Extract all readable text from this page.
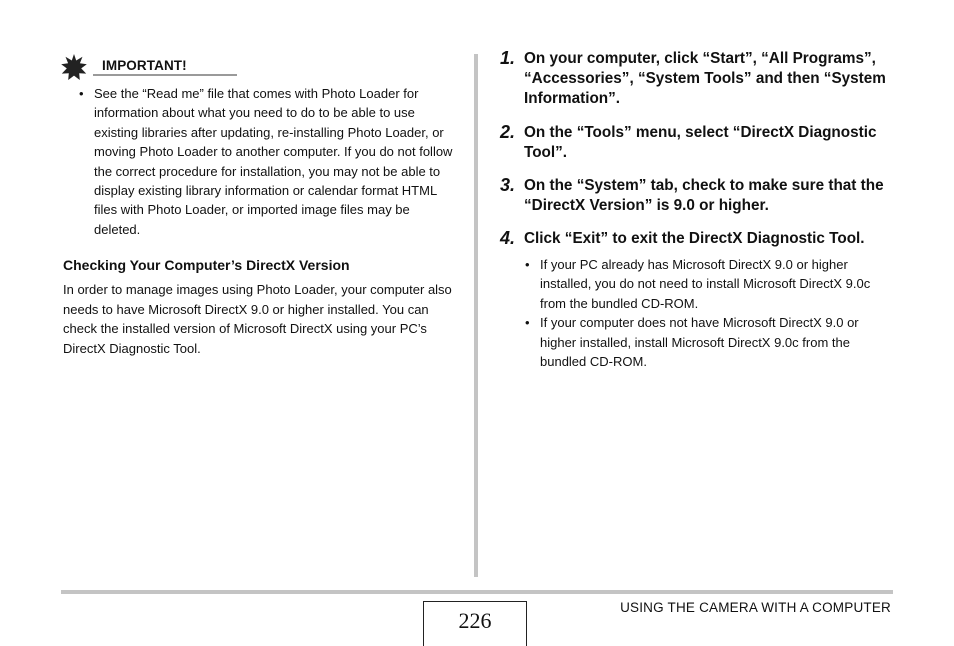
IMPORTANT!
• See the “Read me” file that comes with Photo Loader for information about what you need to do to be able to use existing libraries after updating, re-installing Photo Loader, or moving Photo Loader to another computer. If you do not follow the correct procedure for installation, you may not be able to display existing library information or calendar format HTML files with Photo Loader, or imported image files may be deleted.
Checking Your Computer’s DirectX Version
In order to manage images using Photo Loader, your computer also needs to have Microsoft DirectX 9.0 or higher installed. You can check the installed version of Microsoft DirectX using your PC’s DirectX Diagnostic Tool.
1. On your computer, click “Start”, “All Programs”, “Accessories”, “System Tools” and then “System Information”.
2. On the “Tools” menu, select “DirectX Diagnostic Tool”.
3. On the “System” tab, check to make sure that the “DirectX Version” is 9.0 or higher.
4. Click “Exit” to exit the DirectX Diagnostic Tool.
• If your PC already has Microsoft DirectX 9.0 or higher installed, you do not need to install Microsoft DirectX 9.0c from the bundled CD-ROM.
• If your computer does not have Microsoft DirectX 9.0 or higher installed, install Microsoft DirectX 9.0c from the bundled CD-ROM.
226
USING THE CAMERA WITH A COMPUTER
